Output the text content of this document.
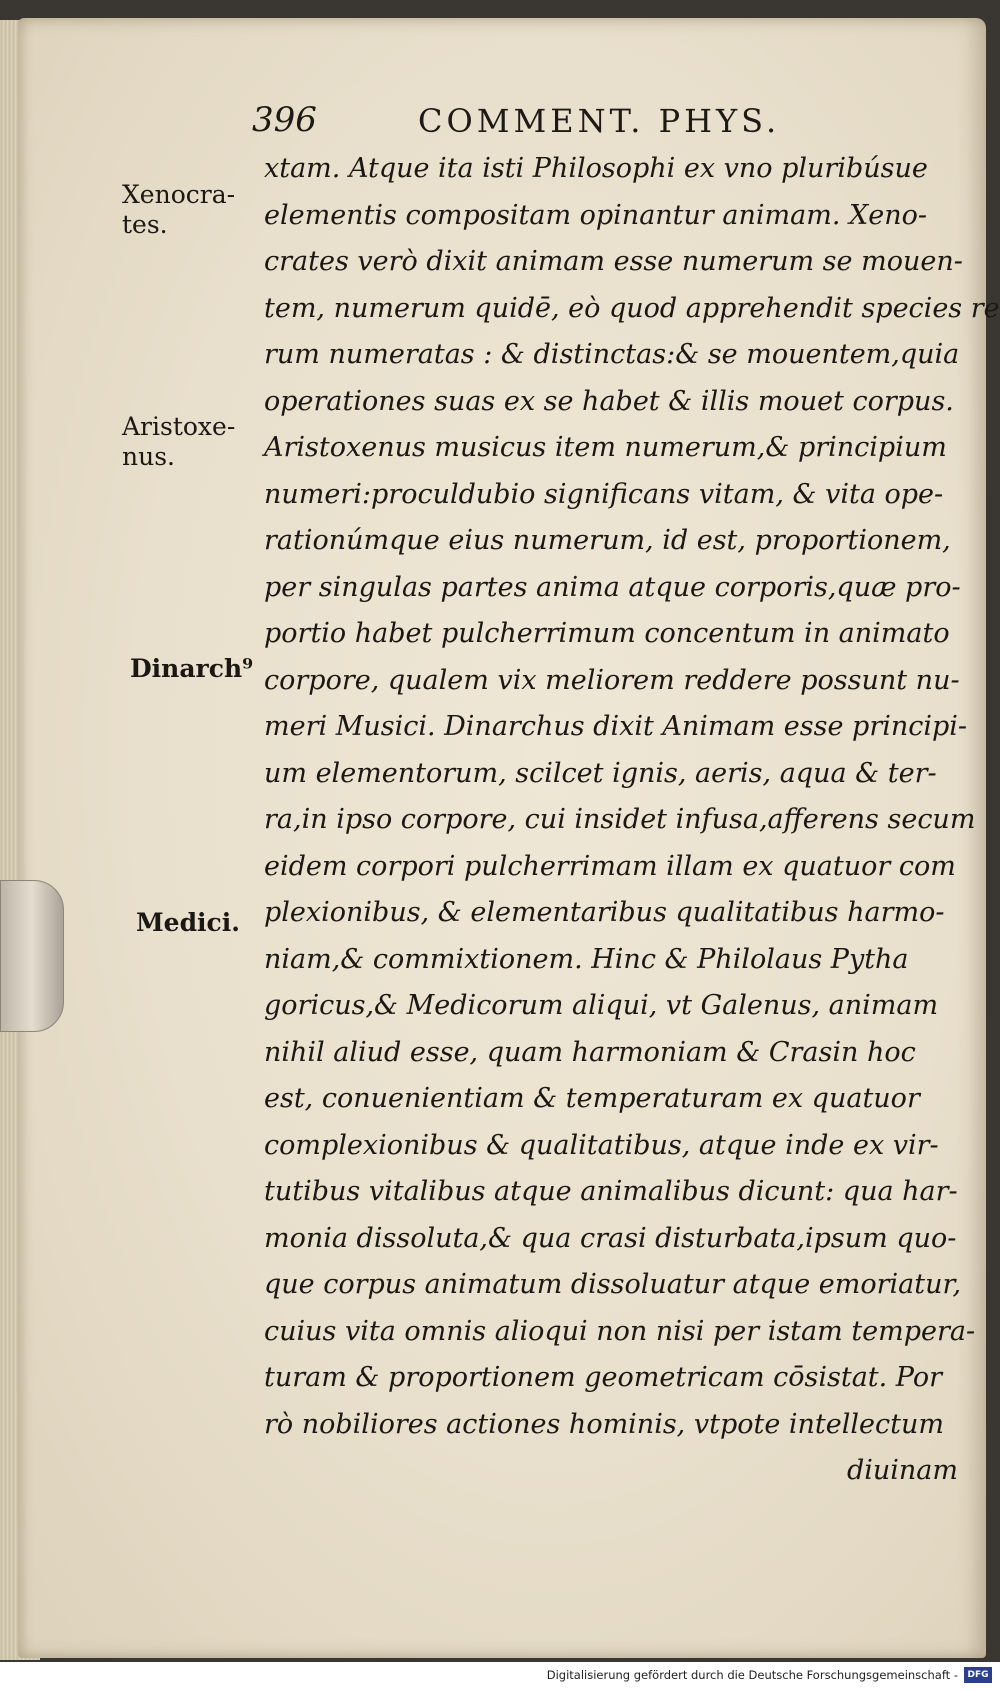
396	COMMENT. PHYS.
Xenocra-
tes.
Aristoxe-
nus.
Dinarch⁹
Medici.
xtam. Atque ita isti Philosophi ex vno pluribúsue
elementis compositam opinantur animam. Xeno-
crates verò dixit animam esse numerum se mouen-
tem, numerum quidē, eò quod apprehendit species re
rum numeratas : & distinctas:& se mouentem,quia
operationes suas ex se habet & illis mouet corpus.
Aristoxenus musicus item numerum,& principium
numeri:proculdubio significans vitam, & vita ope-
rationúmque eius numerum, id est, proportionem,
per singulas partes anima atque corporis,quæ pro-
portio habet pulcherrimum concentum in animato
corpore, qualem vix meliorem reddere possunt nu-
meri Musici. Dinarchus dixit Animam esse principi-
um elementorum, scilcet ignis, aeris, aqua & ter-
ra,in ipso corpore, cui insidet infusa,afferens secum
eidem corpori pulcherrimam illam ex quatuor com
plexionibus, & elementaribus qualitatibus harmo-
niam,& commixtionem. Hinc & Philolaus Pytha
goricus,& Medicorum aliqui, vt Galenus, animam
nihil aliud esse, quam harmoniam & Crasin hoc
est, conuenientiam & temperaturam ex quatuor
complexionibus & qualitatibus, atque inde ex vir-
tutibus vitalibus atque animalibus dicunt: qua har-
monia dissoluta,& qua crasi disturbata,ipsum quo-
que corpus animatum dissoluatur atque emoriatur,
cuius vita omnis alioqui non nisi per istam tempera-
turam & proportionem geometricam cōsistat. Por
rò nobiliores actiones hominis, vtpote intellectum
diuinam
Digitalisierung gefördert durch die Deutsche Forschungsgemeinschaft -	DFG
